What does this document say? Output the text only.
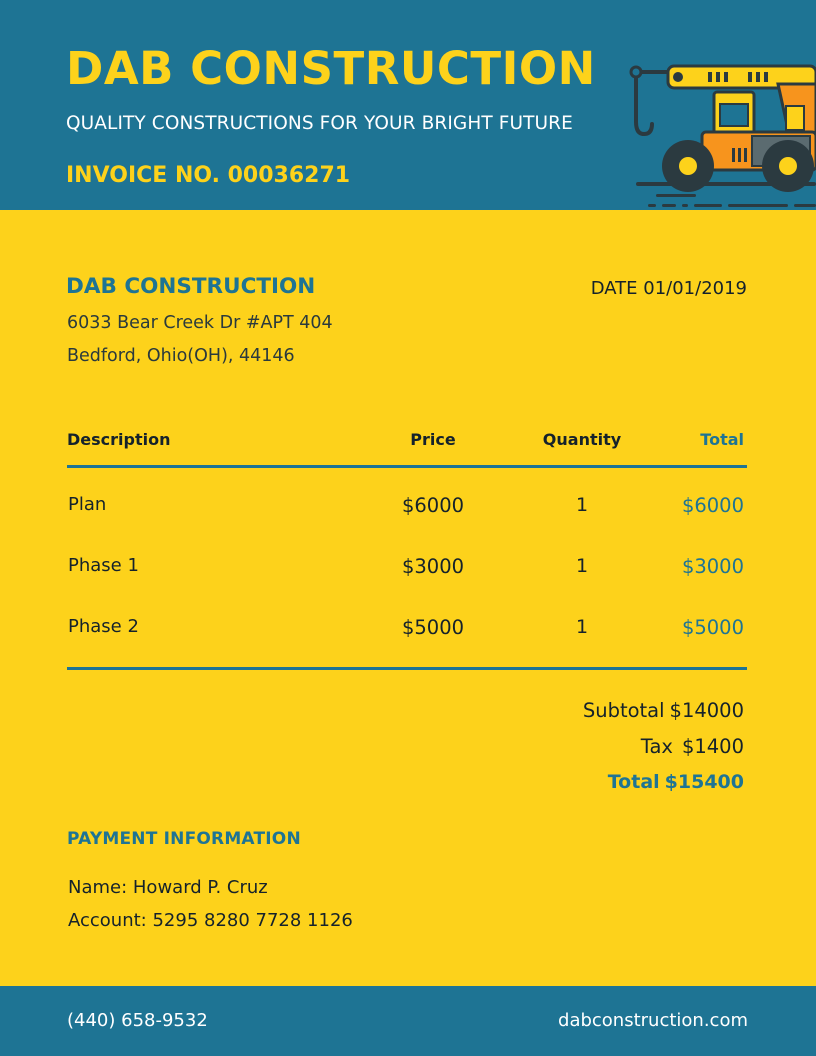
DAB CONSTRUCTION
QUALITY CONSTRUCTIONS FOR YOUR BRIGHT FUTURE
INVOICE NO. 00036271
DAB CONSTRUCTION	DATE 01/01/2019
6033 Bear Creek Dr #APT 404
Bedford, Ohio(OH), 44146
Description	Price	Quantity	Total
Plan	$6000	1	$6000
Phase 1	$3000	1	$3000
Phase 2	$5000	1	$5000
Subtotal $14000
Tax $1400
Total $15400
PAYMENT INFORMATION
Name: Howard P. Cruz
Account: 5295 8280 7728 1126
(440) 658-9532	dabconstruction.com
